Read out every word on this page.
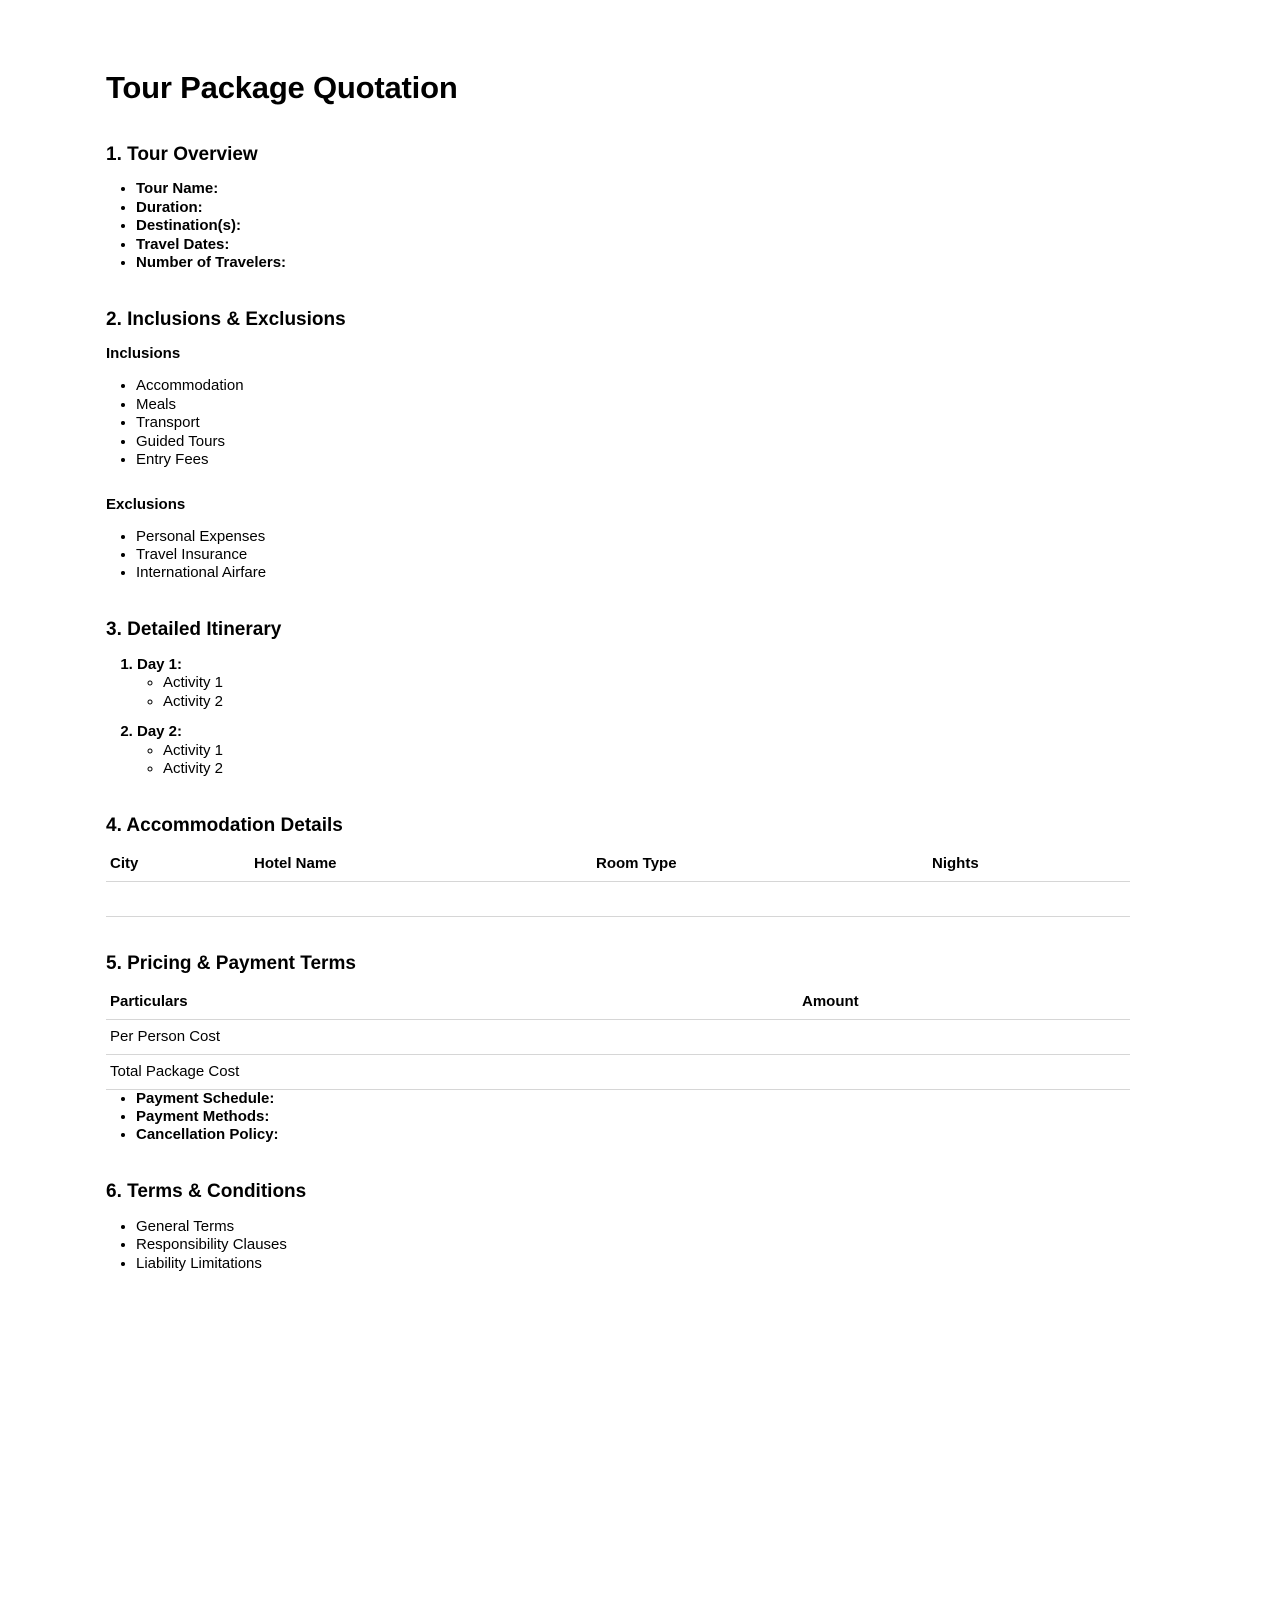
Tour Package Quotation
1. Tour Overview
• Tour Name:
• Duration:
• Destination(s):
• Travel Dates:
• Number of Travelers:
2. Inclusions & Exclusions
Inclusions
• Accommodation
• Meals
• Transport
• Guided Tours
• Entry Fees
Exclusions
• Personal Expenses
• Travel Insurance
• International Airfare
3. Detailed Itinerary
1. Day 1:
◦ Activity 1
◦ Activity 2
2. Day 2:
◦ Activity 1
◦ Activity 2
4. Accommodation Details
City	Hotel Name	Room Type	Nights

5. Pricing & Payment Terms
Particulars	Amount
Per Person Cost	
Total Package Cost	
• Payment Schedule:
• Payment Methods:
• Cancellation Policy:
6. Terms & Conditions
• General Terms
• Responsibility Clauses
• Liability Limitations
